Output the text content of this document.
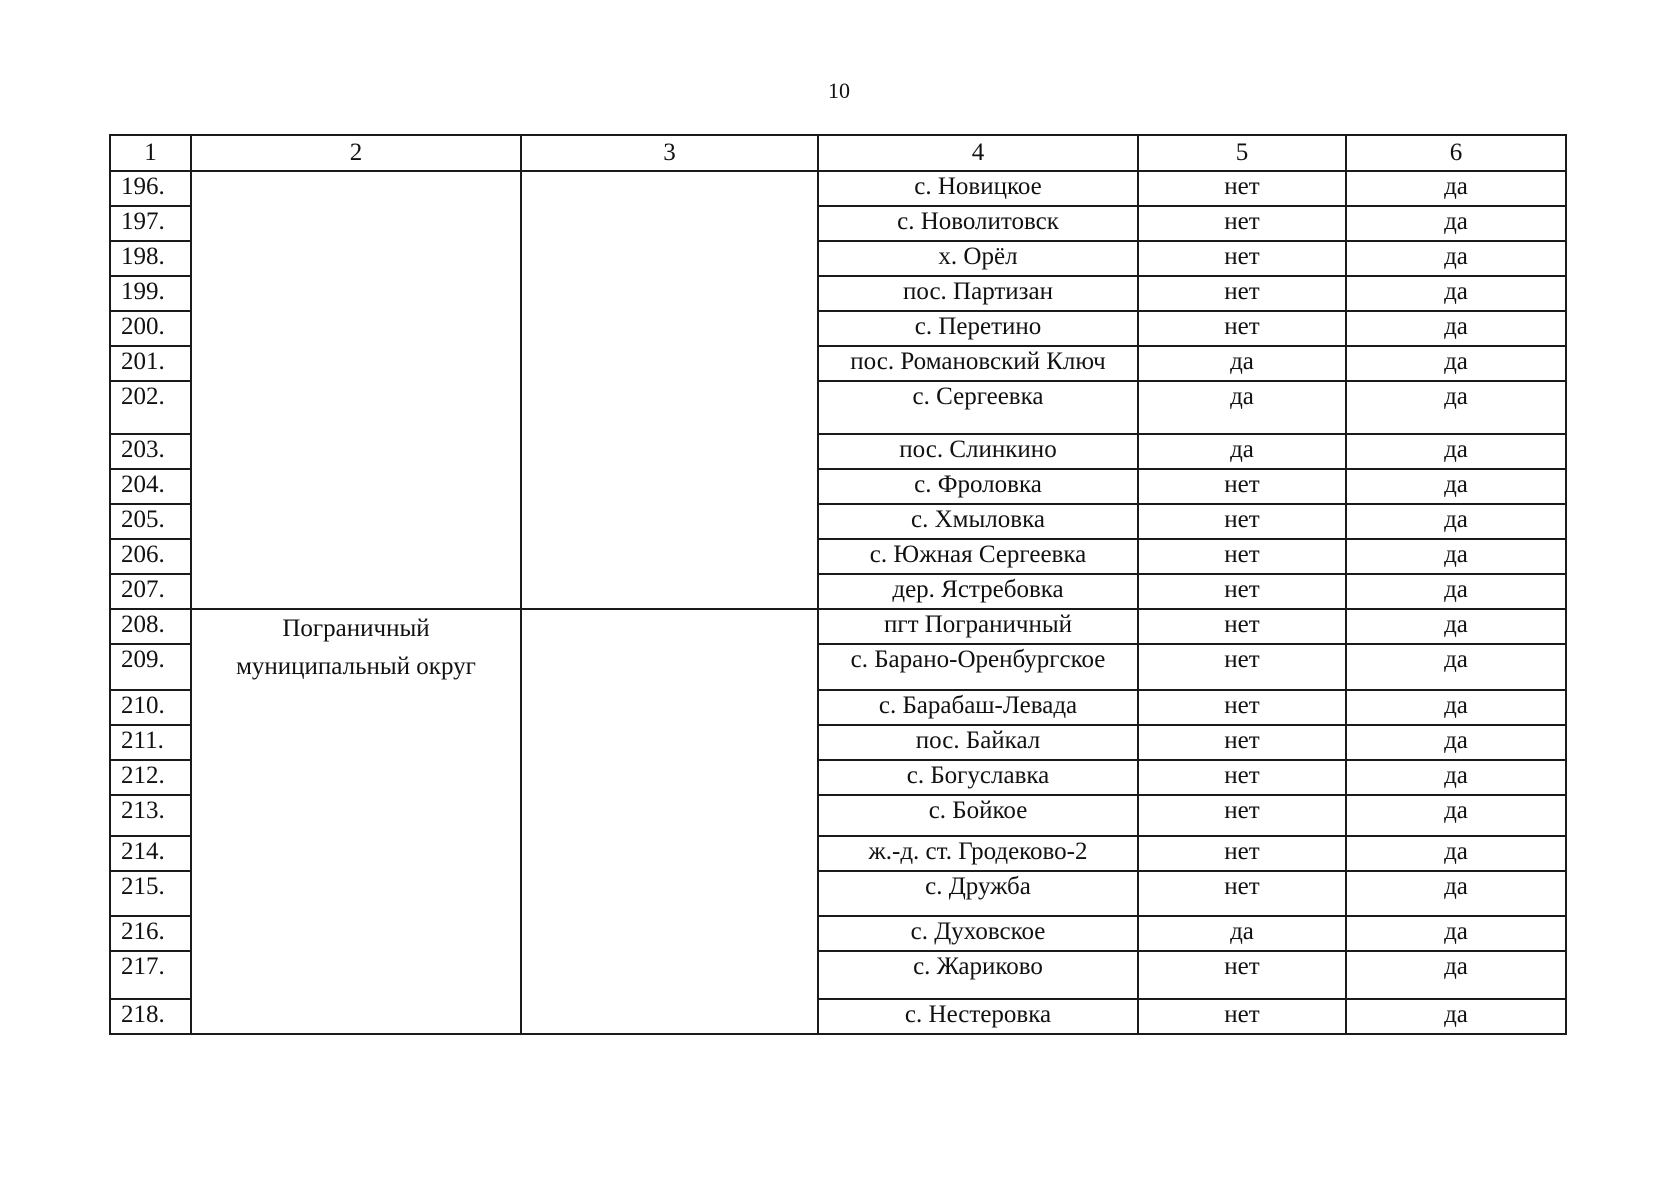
10
1	2	3	4	5	6
196.			с. Новицкое	нет	да
197.			с. Новолитовск	нет	да
198.			х. Орёл	нет	да
199.			пос. Партизан	нет	да
200.			с. Перетино	нет	да
201.			пос. Романовский Ключ	да	да
202.			с. Сергеевка	да	да
203.			пос. Слинкино	да	да
204.			с. Фроловка	нет	да
205.			с. Хмыловка	нет	да
206.			с. Южная Сергеевка	нет	да
207.			дер. Ястребовка	нет	да
208.	Пограничный муниципальный округ		пгт Пограничный	нет	да
209.			с. Барано-Оренбургское	нет	да
210.			с. Барабаш-Левада	нет	да
211.			пос. Байкал	нет	да
212.			с. Богуславка	нет	да
213.			с. Бойкое	нет	да
214.			ж.-д. ст. Гродеково-2	нет	да
215.			с. Дружба	нет	да
216.			с. Духовское	да	да
217.			с. Жариково	нет	да
218.			с. Нестеровка	нет	да
